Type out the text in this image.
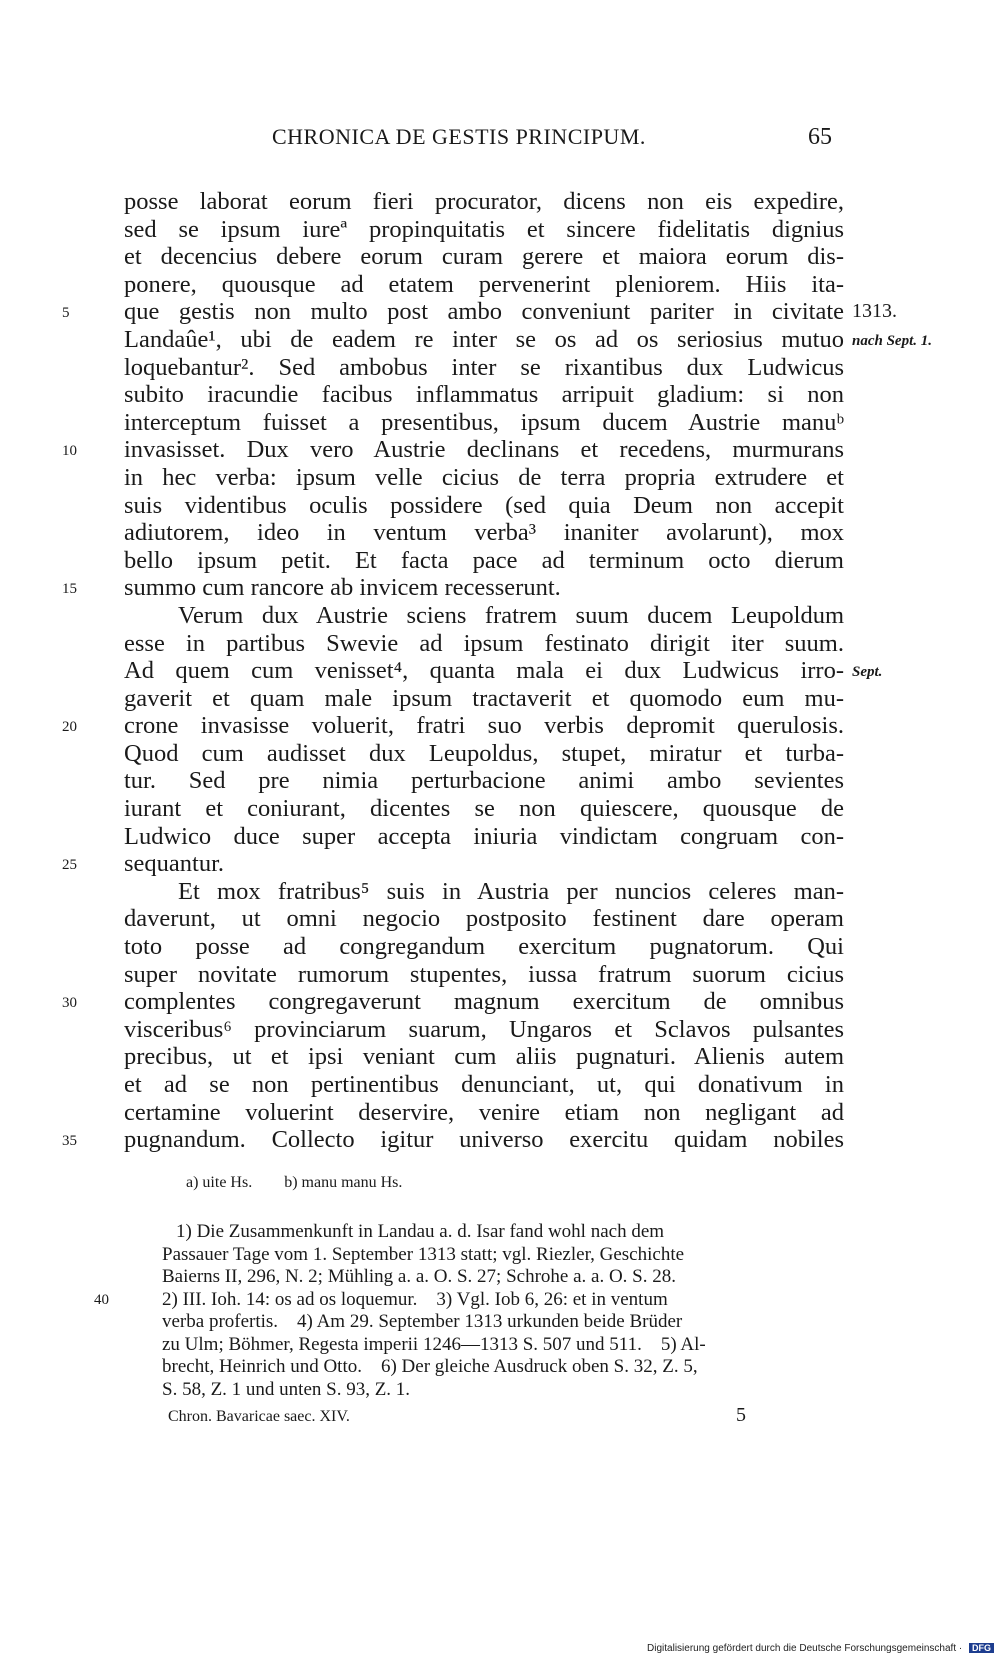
CHRONICA DE GESTIS PRINCIPUM.	65
posse laborat eorum fieri procurator, dicens non eis expedire,
sed se ipsum iureª propinquitatis et sincere fidelitatis dignius
et decencius debere eorum curam gerere et maiora eorum dis-
ponere, quousque ad etatem pervenerint pleniorem. Hiis ita-
que gestis non multo post ambo conveniunt pariter in civitate
5	1313.
Landaûe¹, ubi de eadem re inter se os ad os seriosius mutuo nach Sept. 1.
loquebantur². Sed ambobus inter se rixantibus dux Ludwicus
subito iracundie facibus inflammatus arripuit gladium: si non
interceptum fuisset a presentibus, ipsum ducem Austrie manuᵇ
invasisset. Dux vero Austrie declinans et recedens, murmurans
10
in hec verba: ipsum velle cicius de terra propria extrudere et
suis videntibus oculis possidere (sed quia Deum non accepit
adiutorem, ideo in ventum verba³ inaniter avolarunt), mox
bello ipsum petit. Et facta pace ad terminum octo dierum
summo cum rancore ab invicem recesserunt.
15
Verum dux Austrie sciens fratrem suum ducem Leupoldum
esse in partibus Swevie ad ipsum festinato dirigit iter suum.
Ad quem cum venisset⁴, quanta mala ei dux Ludwicus irro- Sept.
gaverit et quam male ipsum tractaverit et quomodo eum mu-
crone invasisse voluerit, fratri suo verbis depromit querulosis.
20
Quod cum audisset dux Leupoldus, stupet, miratur et turba-
tur. Sed pre nimia perturbacione animi ambo sevientes
iurant et coniurant, dicentes se non quiescere, quousque de
Ludwico duce super accepta iniuria vindictam congruam con-
sequantur.
25
Et mox fratribus⁵ suis in Austria per nuncios celeres man-
daverunt, ut omni negocio postposito festinent dare operam
toto posse ad congregandum exercitum pugnatorum. Qui
super novitate rumorum stupentes, iussa fratrum suorum cicius
complentes congregaverunt magnum exercitum de omnibus
30
visceribus⁶ provinciarum suarum, Ungaros et Sclavos pulsantes
precibus, ut et ipsi veniant cum aliis pugnaturi. Alienis autem
et ad se non pertinentibus denunciant, ut, qui donativum in
certamine voluerint deservire, venire etiam non negligant ad
pugnandum. Collecto igitur universo exercitu quidam nobiles
35
a) uite Hs. b) manu manu Hs.
1) Die Zusammenkunft in Landau a. d. Isar fand wohl nach dem
Passauer Tage vom 1. September 1313 statt; vgl. Riezler, Geschichte
Baierns II, 296, N. 2; Mühling a. a. O. S. 27; Schrohe a. a. O. S. 28.
2) III. Ioh. 14: os ad os loquemur.    3) Vgl. Iob 6, 26: et in ventum
40
verba profertis.    4) Am 29. September 1313 urkunden beide Brüder
zu Ulm; Böhmer, Regesta imperii 1246—1313 S. 507 und 511.    5) Al-
brecht, Heinrich und Otto.    6) Der gleiche Ausdruck oben S. 32, Z. 5,
S. 58, Z. 1 und unten S. 93, Z. 1.
Chron. Bavaricae saec. XIV.	5
Digitalisierung gefördert durch die Deutsche Forschungsgemeinschaft · DFG
